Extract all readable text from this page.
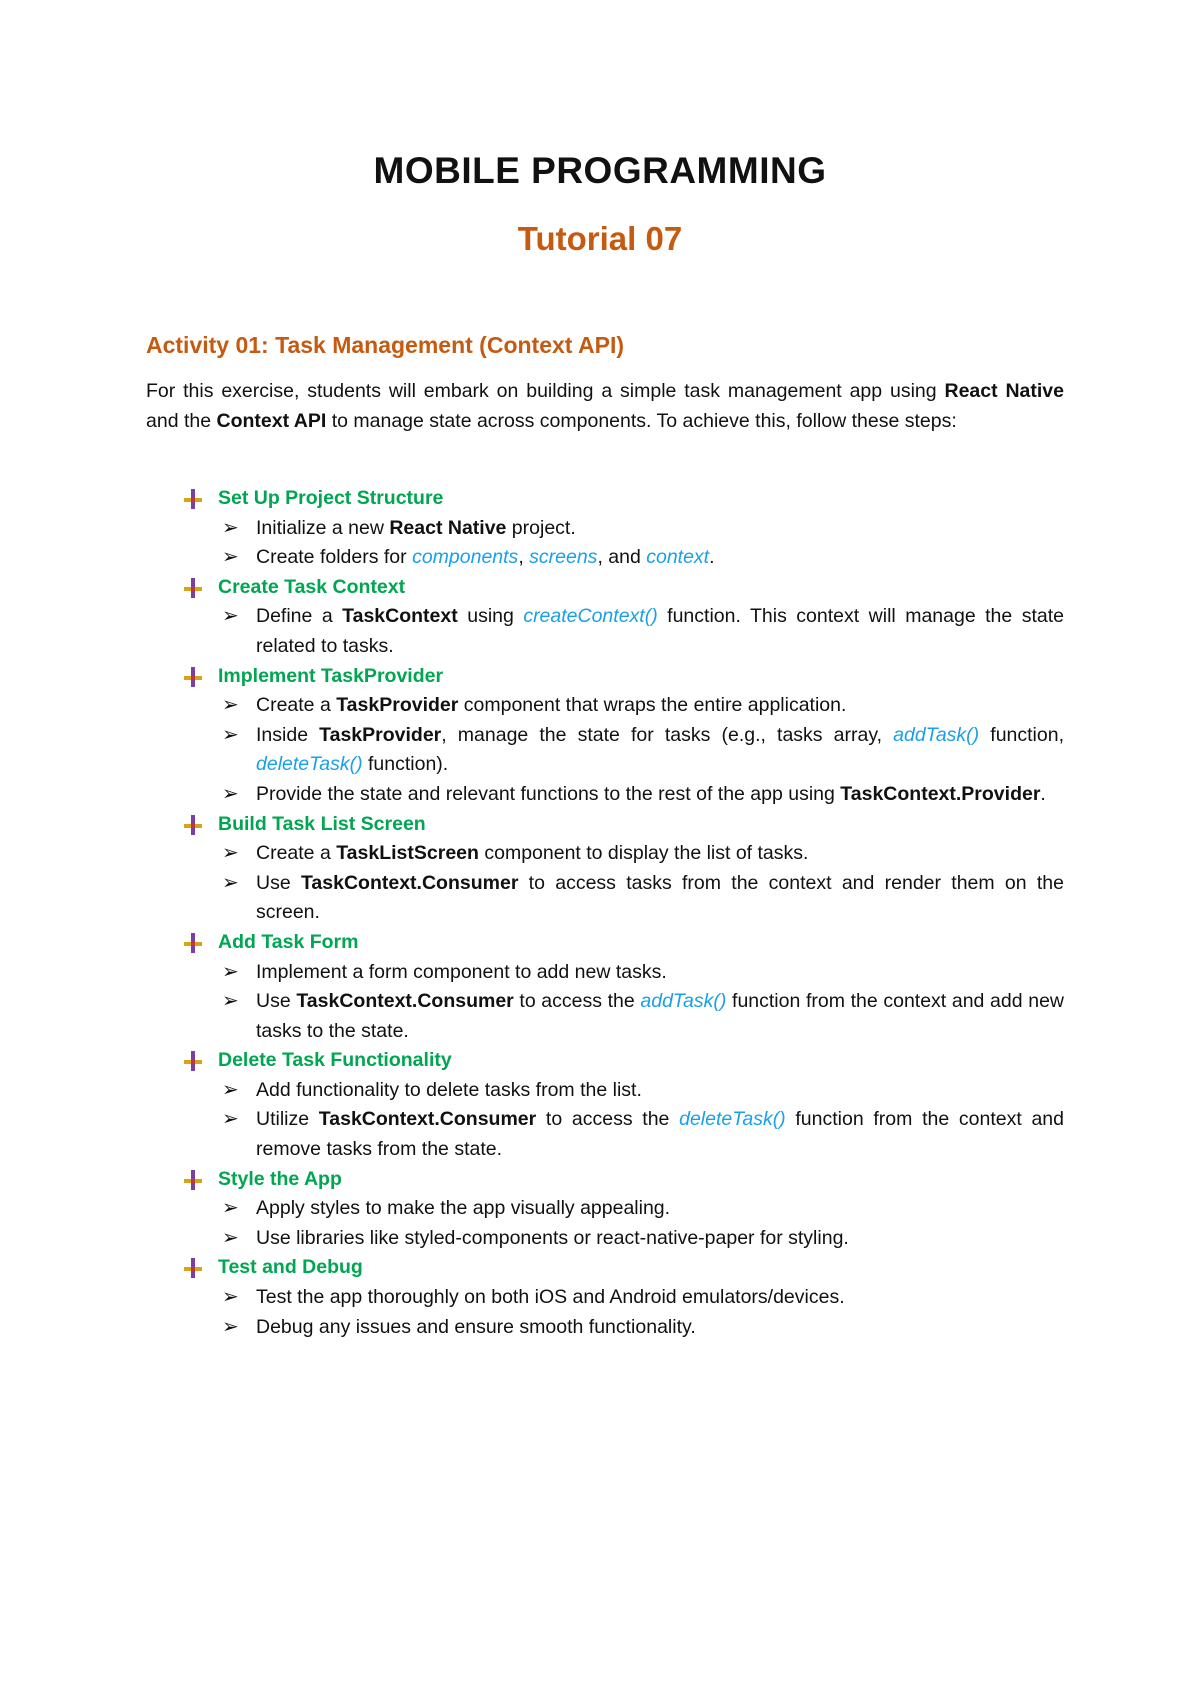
MOBILE PROGRAMMING
Tutorial 07
Activity 01: Task Management (Context API)
For this exercise, students will embark on building a simple task management app using React Native and the Context API to manage state across components. To achieve this, follow these steps:
Set Up Project Structure
➢ Initialize a new React Native project.
➢ Create folders for components, screens, and context.
Create Task Context
➢ Define a TaskContext using createContext() function. This context will manage the state related to tasks.
Implement TaskProvider
➢ Create a TaskProvider component that wraps the entire application.
➢ Inside TaskProvider, manage the state for tasks (e.g., tasks array, addTask() function, deleteTask() function).
➢ Provide the state and relevant functions to the rest of the app using TaskContext.Provider.
Build Task List Screen
➢ Create a TaskListScreen component to display the list of tasks.
➢ Use TaskContext.Consumer to access tasks from the context and render them on the screen.
Add Task Form
➢ Implement a form component to add new tasks.
➢ Use TaskContext.Consumer to access the addTask() function from the context and add new tasks to the state.
Delete Task Functionality
➢ Add functionality to delete tasks from the list.
➢ Utilize TaskContext.Consumer to access the deleteTask() function from the context and remove tasks from the state.
Style the App
➢ Apply styles to make the app visually appealing.
➢ Use libraries like styled-components or react-native-paper for styling.
Test and Debug
➢ Test the app thoroughly on both iOS and Android emulators/devices.
➢ Debug any issues and ensure smooth functionality.
